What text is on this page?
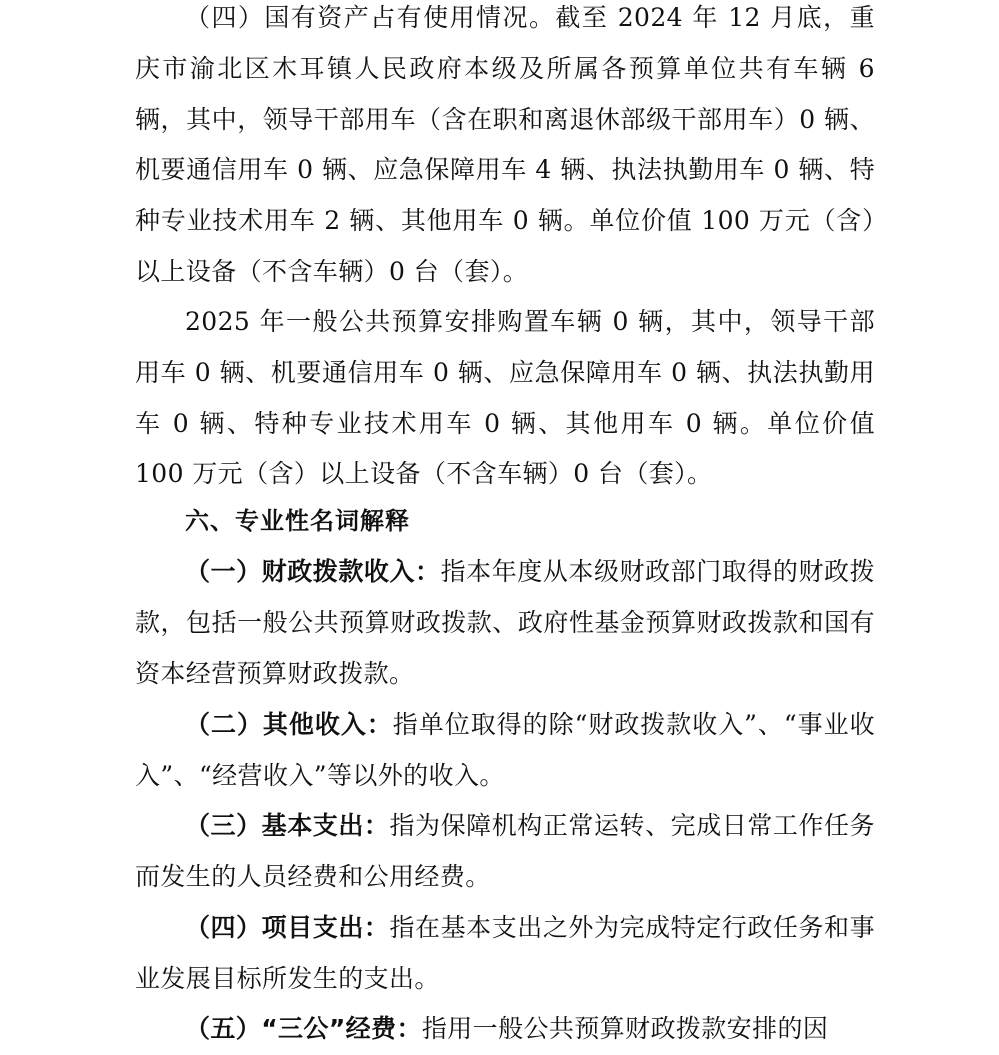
（四）国有资产占有使用情况。截至 2024 年 12 月底，重庆市渝北区木耳镇人民政府本级及所属各预算单位共有车辆 6 辆，其中，领导干部用车（含在职和离退休部级干部用车）0 辆、机要通信用车 0 辆、应急保障用车 4 辆、执法执勤用车 0 辆、特种专业技术用车 2 辆、其他用车 0 辆。单位价值 100 万元（含）以上设备（不含车辆）0 台（套）。

2025 年一般公共预算安排购置车辆 0 辆，其中，领导干部用车 0 辆、机要通信用车 0 辆、应急保障用车 0 辆、执法执勤用车 0 辆、特种专业技术用车 0 辆、其他用车 0 辆。单位价值 100 万元（含）以上设备（不含车辆）0 台（套）。

六、专业性名词解释

（一）财政拨款收入：指本年度从本级财政部门取得的财政拨款，包括一般公共预算财政拨款、政府性基金预算财政拨款和国有资本经营预算财政拨款。

（二）其他收入：指单位取得的除“财政拨款收入”、“事业收入”、“经营收入”等以外的收入。

（三）基本支出：指为保障机构正常运转、完成日常工作任务而发生的人员经费和公用经费。

（四）项目支出：指在基本支出之外为完成特定行政任务和事业发展目标所发生的支出。

（五）“三公”经费：指用一般公共预算财政拨款安排的因
